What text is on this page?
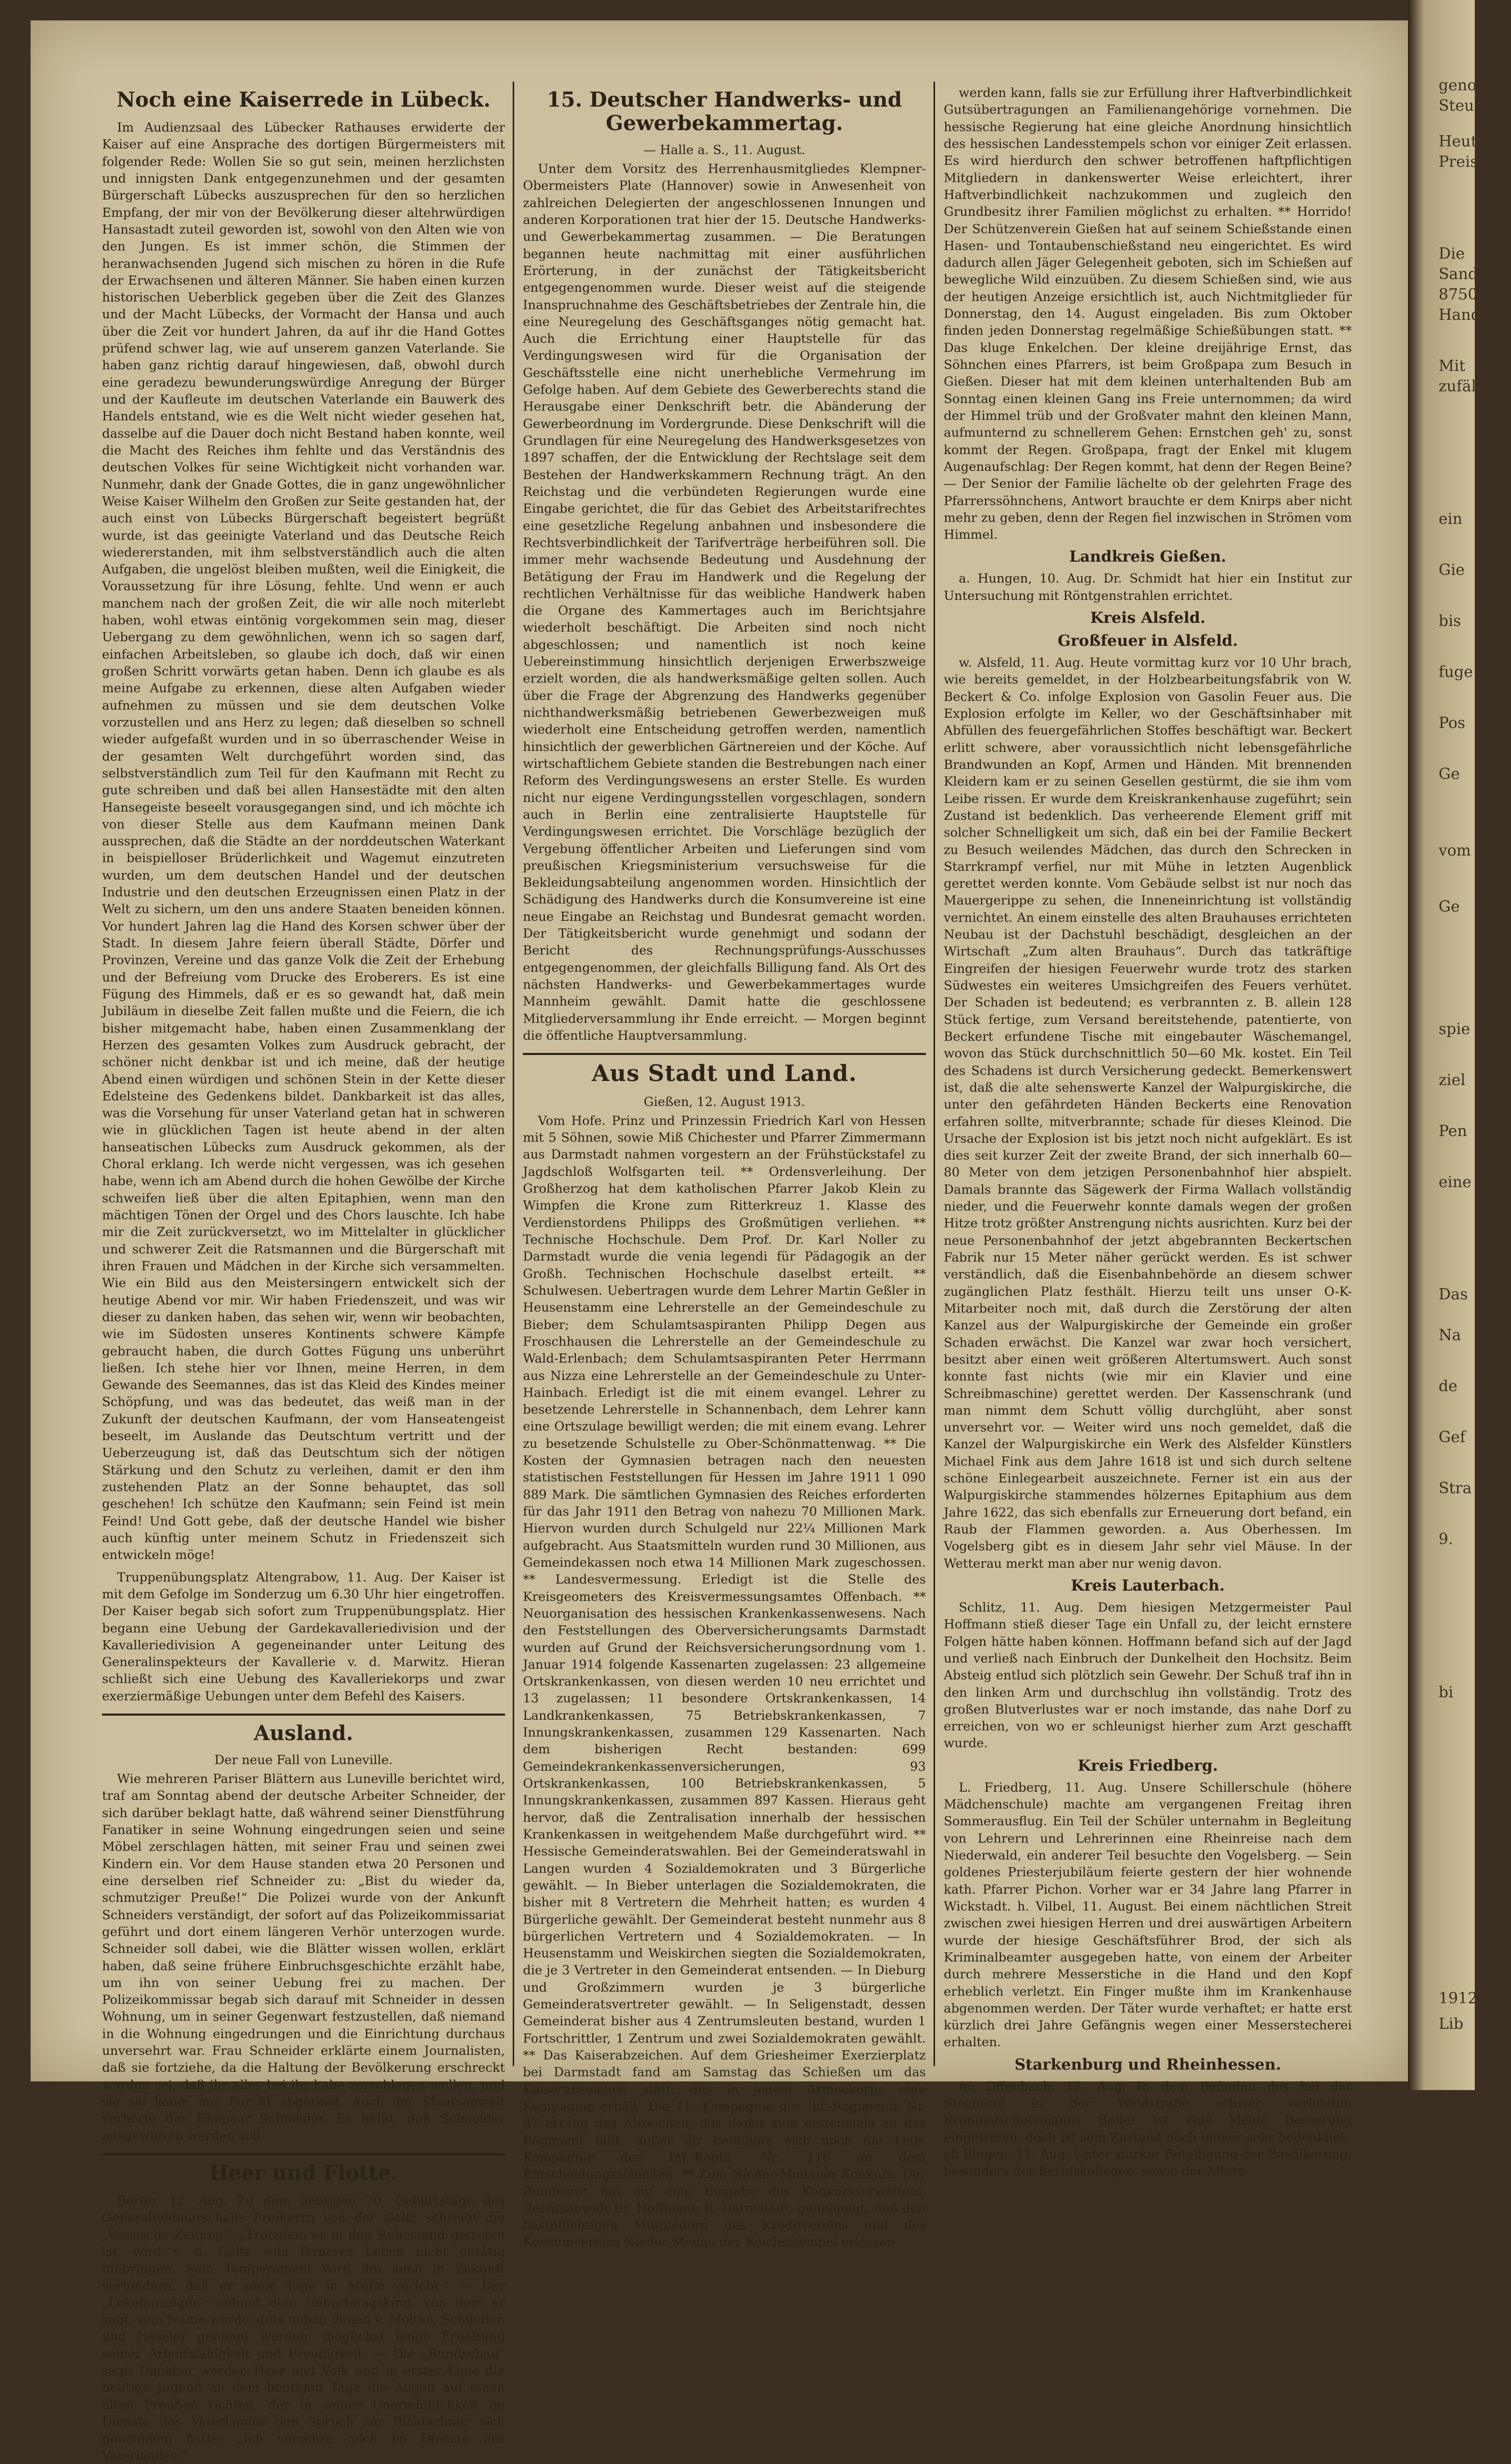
genossen
Steue
Heute
Preiseu
Die
Sand
8750
Hand
Mit
zufäl
ein
Gie
bis
fuge
Pos
Ge
vom
Ge
spie
ziel
Pen
eine
Das
Na
de
Gef
Stra
9.
bi
1912
Lib
Noch eine Kaiserrede in Lübeck.

Im Audienzsaal des Lübecker Rathauses erwiderte der Kaiser auf eine Ansprache des dortigen Bürgermeisters mit folgender Rede: Wollen Sie so gut sein, meinen herzlichsten und innigsten Dank entgegenzunehmen und der gesamten Bürgerschaft Lübecks auszusprechen für den so herzlichen Empfang, der mir von der Bevölkerung dieser altehrwürdigen Hansastadt zuteil geworden ist, sowohl von den Alten wie von den Jungen. Es ist immer schön, die Stimmen der heranwachsenden Jugend sich mischen zu hören in die Rufe der Erwachsenen und älteren Männer. Sie haben einen kurzen historischen Ueberblick gegeben über die Zeit des Glanzes und der Macht Lübecks, der Vormacht der Hansa und auch über die Zeit vor hundert Jahren, da auf ihr die Hand Gottes prüfend schwer lag, wie auf unserem ganzen Vaterlande. Sie haben ganz richtig darauf hingewiesen, daß, obwohl durch eine geradezu bewunderungswürdige Anregung der Bürger und der Kaufleute im deutschen Vaterlande ein Bauwerk des Handels entstand, wie es die Welt nicht wieder gesehen hat, dasselbe auf die Dauer doch nicht Bestand haben konnte, weil die Macht des Reiches ihm fehlte und das Verständnis des deutschen Volkes für seine Wichtigkeit nicht vorhanden war. Nunmehr, dank der Gnade Gottes, die in ganz ungewöhnlicher Weise Kaiser Wilhelm den Großen zur Seite gestanden hat, der auch einst von Lübecks Bürgerschaft begeistert begrüßt wurde, ist das geeinigte Vaterland und das Deutsche Reich wiedererstanden, mit ihm selbstverständlich auch die alten Aufgaben, die ungelöst bleiben mußten, weil die Einigkeit, die Voraussetzung für ihre Lösung, fehlte. Und wenn er auch manchem nach der großen Zeit, die wir alle noch miterlebt haben, wohl etwas eintönig vorgekommen sein mag, dieser Uebergang zu dem gewöhnlichen, wenn ich so sagen darf, einfachen Arbeitsleben, so glaube ich doch, daß wir einen großen Schritt vorwärts getan haben. Denn ich glaube es als meine Aufgabe zu erkennen, diese alten Aufgaben wieder aufnehmen zu müssen und sie dem deutschen Volke vorzustellen und ans Herz zu legen; daß dieselben so schnell wieder aufgefaßt wurden und in so überraschender Weise in der gesamten Welt durchgeführt worden sind, das selbstverständlich zum Teil für den Kaufmann mit Recht zu gute schreiben und daß bei allen Hansestädte mit den alten Hansegeiste beseelt vorausgegangen sind, und ich möchte ich von dieser Stelle aus dem Kaufmann meinen Dank aussprechen, daß die Städte an der norddeutschen Waterkant in beispielloser Brüderlichkeit und Wagemut einzutreten wurden, um dem deutschen Handel und der deutschen Industrie und den deutschen Erzeugnissen einen Platz in der Welt zu sichern, um den uns andere Staaten beneiden können. Vor hundert Jahren lag die Hand des Korsen schwer über der Stadt. In diesem Jahre feiern überall Städte, Dörfer und Provinzen, Vereine und das ganze Volk die Zeit der Erhebung und der Befreiung vom Drucke des Eroberers. Es ist eine Fügung des Himmels, daß er es so gewandt hat, daß mein Jubiläum in dieselbe Zeit fallen mußte und die Feiern, die ich bisher mitgemacht habe, haben einen Zusammenklang der Herzen des gesamten Volkes zum Ausdruck gebracht, der schöner nicht denkbar ist und ich meine, daß der heutige Abend einen würdigen und schönen Stein in der Kette dieser Edelsteine des Gedenkens bildet. Dankbarkeit ist das alles, was die Vorsehung für unser Vaterland getan hat in schweren wie in glücklichen Tagen ist heute abend in der alten hanseatischen Lübecks zum Ausdruck gekommen, als der Choral erklang. Ich werde nicht vergessen, was ich gesehen habe, wenn ich am Abend durch die hohen Gewölbe der Kirche schweifen ließ über die alten Epitaphien, wenn man den mächtigen Tönen der Orgel und des Chors lauschte. Ich habe mir die Zeit zurückversetzt, wo im Mittelalter in glücklicher und schwerer Zeit die Ratsmannen und die Bürgerschaft mit ihren Frauen und Mädchen in der Kirche sich versammelten. Wie ein Bild aus den Meistersingern entwickelt sich der heutige Abend vor mir. Wir haben Friedenszeit, und was wir dieser zu danken haben, das sehen wir, wenn wir beobachten, wie im Südosten unseres Kontinents schwere Kämpfe gebraucht haben, die durch Gottes Fügung uns unberührt ließen. Ich stehe hier vor Ihnen, meine Herren, in dem Gewande des Seemannes, das ist das Kleid des Kindes meiner Schöpfung, und was das bedeutet, das weiß man in der Zukunft der deutschen Kaufmann, der vom Hanseatengeist beseelt, im Auslande das Deutschtum vertritt und der Ueberzeugung ist, daß das Deutschtum sich der nötigen Stärkung und den Schutz zu verleihen, damit er den ihm zustehenden Platz an der Sonne behauptet, das soll geschehen! Ich schütze den Kaufmann; sein Feind ist mein Feind! Und Gott gebe, daß der deutsche Handel wie bisher auch künftig unter meinem Schutz in Friedenszeit sich entwickeln möge!

Truppenübungsplatz Altengrabow, 11. Aug. Der Kaiser ist mit dem Gefolge im Sonderzug um 6.30 Uhr hier eingetroffen. Der Kaiser begab sich sofort zum Truppenübungsplatz. Hier begann eine Uebung der Gardekavalleriedivision und der Kavalleriedivision A gegeneinander unter Leitung des Generalinspekteurs der Kavallerie v. d. Marwitz. Hieran schließt sich eine Uebung des Kavalleriekorps und zwar exerziermäßige Uebungen unter dem Befehl des Kaisers.

Ausland.
Der neue Fall von Luneville.

Wie mehreren Pariser Blättern aus Luneville berichtet wird, traf am Sonntag abend der deutsche Arbeiter Schneider, der sich darüber beklagt hatte, daß während seiner Dienstführung Fanatiker in seine Wohnung eingedrungen seien und seine Möbel zerschlagen hätten, mit seiner Frau und seinen zwei Kindern ein. Vor dem Hause standen etwa 20 Personen und eine derselben rief Schneider zu: „Bist du wieder da, schmutziger Preuße!“ Die Polizei wurde von der Ankunft Schneiders verständigt, der sofort auf das Polizeikommissariat geführt und dort einem längeren Verhör unterzogen wurde. Schneider soll dabei, wie die Blätter wissen wollen, erklärt haben, daß seine frühere Einbruchsgeschichte erzählt habe, um ihn von seiner Uebung frei zu machen. Der Polizeikommissar begab sich darauf mit Schneider in dessen Wohnung, um in seiner Gegenwart festzustellen, daß niemand in die Wohnung eingedrungen und die Einrichtung durchaus unversehrt war. Frau Schneider erklärte einem Journalisten, daß sie fortziehe, da die Haltung der Bevölkerung erschreckt worden sei, daß ihr alles bei ihr habe zerschlagen wollen, und sie sei kaum aus Furcht abgereist. Auch der Staatsanwalt verhörte das Ehepaar Schneider. Es heißt, daß Schneider ausgewiesen werden soll.

Heer und Flotte.

Berlin, 12. Aug. Zu dem heutigen 70. Geburtstage des Generalfeldmarschalls Freiherrn von der Goltz schreibt die „Vossische Zeitung“: „Trotzdem er in den Ruhestand getreten ist, wird v. d. Goltz sein ferneres Leben nicht untätig hinbringen. Sein Temperament wird ihn auch in Zukunft verhindern, daß er seine Tage in Muße verlebt.“ — Der „Lokalanzeiger“ widmet dem Geburtstagskind, von dem er sagt, sein Name werde stets neben denen v. Moltke, Schlieffen und Häseler genannt werden, möglichst lange Erhaltung seiner Arbeitsfähigkeit und Freudigkeit. — Die „Rundschau“ sagt: Dankbar werden Heer und Volk und in erster Linie die heutige Jugend an dem heutigen Tage die Augen auf einen alten Preußen richten, der in seiner Unermüdlichkeit im Dienste des Vaterlandes den Spruch zur Richtschnur sich genommen hatte: „Ich verzehre mich im Dienste des Vaterlandes.“

15. Deutscher Handwerks- und Gewerbekammertag.
— Halle a. S., 11. August.

Unter dem Vorsitz des Herrenhausmitgliedes Klempner-Obermeisters Plate (Hannover) sowie in Anwesenheit von zahlreichen Delegierten der angeschlossenen Innungen und anderen Korporationen trat hier der 15. Deutsche Handwerks- und Gewerbekammertag zusammen. — Die Beratungen begannen heute nachmittag mit einer ausführlichen Erörterung, in der zunächst der Tätigkeitsbericht entgegengenommen wurde. Dieser weist auf die steigende Inanspruchnahme des Geschäftsbetriebes der Zentrale hin, die eine Neuregelung des Geschäftsganges nötig gemacht hat. Auch die Errichtung einer Hauptstelle für das Verdingungswesen wird für die Organisation der Geschäftsstelle eine nicht unerhebliche Vermehrung im Gefolge haben. Auf dem Gebiete des Gewerberechts stand die Herausgabe einer Denkschrift betr. die Abänderung der Gewerbeordnung im Vordergrunde. Diese Denkschrift will die Grundlagen für eine Neuregelung des Handwerksgesetzes von 1897 schaffen, der die Entwicklung der Rechtslage seit dem Bestehen der Handwerkskammern Rechnung trägt. An den Reichstag und die verbündeten Regierungen wurde eine Eingabe gerichtet, die für das Gebiet des Arbeitstarifrechtes eine gesetzliche Regelung anbahnen und insbesondere die Rechtsverbindlichkeit der Tarifverträge herbeiführen soll. Die immer mehr wachsende Bedeutung und Ausdehnung der Betätigung der Frau im Handwerk und die Regelung der rechtlichen Verhältnisse für das weibliche Handwerk haben die Organe des Kammertages auch im Berichtsjahre wiederholt beschäftigt. Die Arbeiten sind noch nicht abgeschlossen; und namentlich ist noch keine Uebereinstimmung hinsichtlich derjenigen Erwerbszweige erzielt worden, die als handwerksmäßige gelten sollen. Auch über die Frage der Abgrenzung des Handwerks gegenüber nichthandwerksmäßig betriebenen Gewerbezweigen muß wiederholt eine Entscheidung getroffen werden, namentlich hinsichtlich der gewerblichen Gärtnereien und der Köche. Auf wirtschaftlichem Gebiete standen die Bestrebungen nach einer Reform des Verdingungswesens an erster Stelle. Es wurden nicht nur eigene Verdingungsstellen vorgeschlagen, sondern auch in Berlin eine zentralisierte Hauptstelle für Verdingungswesen errichtet. Die Vorschläge bezüglich der Vergebung öffentlicher Arbeiten und Lieferungen sind vom preußischen Kriegsministerium versuchsweise für die Bekleidungsabteilung angenommen worden. Hinsichtlich der Schädigung des Handwerks durch die Konsumvereine ist eine neue Eingabe an Reichstag und Bundesrat gemacht worden. Der Tätigkeitsbericht wurde genehmigt und sodann der Bericht des Rechnungsprüfungs-Ausschusses entgegengenommen, der gleichfalls Billigung fand. Als Ort des nächsten Handwerks- und Gewerbekammertages wurde Mannheim gewählt. Damit hatte die geschlossene Mitgliederversammlung ihr Ende erreicht. — Morgen beginnt die öffentliche Hauptversammlung.

Aus Stadt und Land.
Gießen, 12. August 1913.

Vom Hofe. Prinz und Prinzessin Friedrich Karl von Hessen mit 5 Söhnen, sowie Miß Chichester und Pfarrer Zimmermann aus Darmstadt nahmen vorgestern an der Frühstückstafel zu Jagdschloß Wolfsgarten teil. ** Ordensverleihung. Der Großherzog hat dem katholischen Pfarrer Jakob Klein zu Wimpfen die Krone zum Ritterkreuz 1. Klasse des Verdienstordens Philipps des Großmütigen verliehen. ** Technische Hochschule. Dem Prof. Dr. Karl Noller zu Darmstadt wurde die venia legendi für Pädagogik an der Großh. Technischen Hochschule daselbst erteilt. ** Schulwesen. Uebertragen wurde dem Lehrer Martin Geßler in Heusenstamm eine Lehrerstelle an der Gemeindeschule zu Bieber; dem Schulamtsaspiranten Philipp Degen aus Froschhausen die Lehrerstelle an der Gemeindeschule zu Wald-Erlenbach; dem Schulamtsaspiranten Peter Herrmann aus Nizza eine Lehrerstelle an der Gemeindeschule zu Unter-Hainbach. Erledigt ist die mit einem evangel. Lehrer zu besetzende Lehrerstelle in Schannenbach, dem Lehrer kann eine Ortszulage bewilligt werden; die mit einem evang. Lehrer zu besetzende Schulstelle zu Ober-Schönmattenwag. ** Die Kosten der Gymnasien betragen nach den neuesten statistischen Feststellungen für Hessen im Jahre 1911 1 090 889 Mark. Die sämtlichen Gymnasien des Reiches erforderten für das Jahr 1911 den Betrag von nahezu 70 Millionen Mark. Hiervon wurden durch Schulgeld nur 22¼ Millionen Mark aufgebracht. Aus Staatsmitteln wurden rund 30 Millionen, aus Gemeindekassen noch etwa 14 Millionen Mark zugeschossen. ** Landesvermessung. Erledigt ist die Stelle des Kreisgeometers des Kreisvermessungsamtes Offenbach. ** Neuorganisation des hessischen Krankenkassenwesens. Nach den Feststellungen des Oberversicherungsamts Darmstadt wurden auf Grund der Reichsversicherungsordnung vom 1. Januar 1914 folgende Kassenarten zugelassen: 23 allgemeine Ortskrankenkassen, von diesen werden 10 neu errichtet und 13 zugelassen; 11 besondere Ortskrankenkassen, 14 Landkrankenkassen, 75 Betriebskrankenkassen, 7 Innungskrankenkassen, zusammen 129 Kassenarten. Nach dem bisherigen Recht bestanden: 699 Gemeindekrankenkassenversicherungen, 93 Ortskrankenkassen, 100 Betriebskrankenkassen, 5 Innungskrankenkassen, zusammen 897 Kassen. Hieraus geht hervor, daß die Zentralisation innerhalb der hessischen Krankenkassen in weitgehendem Maße durchgeführt wird. ** Hessische Gemeinderatswahlen. Bei der Gemeinderatswahl in Langen wurden 4 Sozialdemokraten und 3 Bürgerliche gewählt. — In Bieber unterlagen die Sozialdemokraten, die bisher mit 8 Vertretern die Mehrheit hatten; es wurden 4 Bürgerliche gewählt. Der Gemeinderat besteht nunmehr aus 8 bürgerlichen Vertretern und 4 Sozialdemokraten. — In Heusenstamm und Weiskirchen siegten die Sozialdemokraten, die je 3 Vertreter in den Gemeinderat entsenden. — In Dieburg und Großzimmern wurden je 3 bürgerliche Gemeinderatsvertreter gewählt. — In Seligenstadt, dessen Gemeinderat bisher aus 4 Zentrumsleuten bestand, wurden 1 Fortschrittler, 1 Zentrum und zwei Sozialdemokraten gewählt. ** Das Kaiserabzeichen. Auf dem Griesheimer Exerzierplatz bei Darmstadt fand am Samstag das Schießen um das Kaiserabzeichen statt, das in jedem Armeekorps eine Kompagnie erhält. Die 11. Kompagnie des Inf.-Regiments Nr. 87 errang das Abzeichen, das damit zum erstenmale an das Regiment fällt; außer ihr beteiligte sich noch die Leib-Kompagnie des Inf.-Regts. Nr. 116 an dem Entscheidungsschießen. ** Zum Nieder-Modauer Konkurs. Der Bundesrat hat auf eine Eingabe des Konkursverwalters, Rechtsanwalt Dr. Hoffmann II.-Darmstadt, genehmigt, daß den hastpflichtigen Mitgliedern des Kreditvereins und des Konsumvereins Nieder-Modau der Reichsstempel erlassen

werden kann, falls sie zur Erfüllung ihrer Haftverbindlichkeit Gutsübertragungen an Familienangehörige vornehmen. Die hessische Regierung hat eine gleiche Anordnung hinsichtlich des hessischen Landesstempels schon vor einiger Zeit erlassen. Es wird hierdurch den schwer betroffenen haftpflichtigen Mitgliedern in dankenswerter Weise erleichtert, ihrer Haftverbindlichkeit nachzukommen und zugleich den Grundbesitz ihrer Familien möglichst zu erhalten. ** Horrido! Der Schützenverein Gießen hat auf seinem Schießstande einen Hasen- und Tontaubenschießstand neu eingerichtet. Es wird dadurch allen Jäger Gelegenheit geboten, sich im Schießen auf bewegliche Wild einzuüben. Zu diesem Schießen sind, wie aus der heutigen Anzeige ersichtlich ist, auch Nichtmitglieder für Donnerstag, den 14. August eingeladen. Bis zum Oktober finden jeden Donnerstag regelmäßige Schießübungen statt. ** Das kluge Enkelchen. Der kleine dreijährige Ernst, das Söhnchen eines Pfarrers, ist beim Großpapa zum Besuch in Gießen. Dieser hat mit dem kleinen unterhaltenden Bub am Sonntag einen kleinen Gang ins Freie unternommen; da wird der Himmel trüb und der Großvater mahnt den kleinen Mann, aufmunternd zu schnellerem Gehen: Ernstchen geh' zu, sonst kommt der Regen. Großpapa, fragt der Enkel mit klugem Augenaufschlag: Der Regen kommt, hat denn der Regen Beine? — Der Senior der Familie lächelte ob der gelehrten Frage des Pfarrerssöhnchens, Antwort brauchte er dem Knirps aber nicht mehr zu geben, denn der Regen fiel inzwischen in Strömen vom Himmel.

Landkreis Gießen.

a. Hungen, 10. Aug. Dr. Schmidt hat hier ein Institut zur Untersuchung mit Röntgenstrahlen errichtet.

Kreis Alsfeld.
Großfeuer in Alsfeld.

w. Alsfeld, 11. Aug. Heute vormittag kurz vor 10 Uhr brach, wie bereits gemeldet, in der Holzbearbeitungsfabrik von W. Beckert & Co. infolge Explosion von Gasolin Feuer aus. Die Explosion erfolgte im Keller, wo der Geschäftsinhaber mit Abfüllen des feuergefährlichen Stoffes beschäftigt war. Beckert erlitt schwere, aber voraussichtlich nicht lebensgefährliche Brandwunden an Kopf, Armen und Händen. Mit brennenden Kleidern kam er zu seinen Gesellen gestürmt, die sie ihm vom Leibe rissen. Er wurde dem Kreiskrankenhause zugeführt; sein Zustand ist bedenklich. Das verheerende Element griff mit solcher Schnelligkeit um sich, daß ein bei der Familie Beckert zu Besuch weilendes Mädchen, das durch den Schrecken in Starrkrampf verfiel, nur mit Mühe in letzten Augenblick gerettet werden konnte. Vom Gebäude selbst ist nur noch das Mauergerippe zu sehen, die Inneneinrichtung ist vollständig vernichtet. An einem einstelle des alten Brauhauses errichteten Neubau ist der Dachstuhl beschädigt, desgleichen an der Wirtschaft „Zum alten Brauhaus“. Durch das tatkräftige Eingreifen der hiesigen Feuerwehr wurde trotz des starken Südwestes ein weiteres Umsichgreifen des Feuers verhütet. Der Schaden ist bedeutend; es verbrannten z. B. allein 128 Stück fertige, zum Versand bereitstehende, patentierte, von Beckert erfundene Tische mit eingebauter Wäschemangel, wovon das Stück durchschnittlich 50—60 Mk. kostet. Ein Teil des Schadens ist durch Versicherung gedeckt. Bemerkenswert ist, daß die alte sehenswerte Kanzel der Walpurgiskirche, die unter den gefährdeten Händen Beckerts eine Renovation erfahren sollte, mitverbrannte; schade für dieses Kleinod. Die Ursache der Explosion ist bis jetzt noch nicht aufgeklärt. Es ist dies seit kurzer Zeit der zweite Brand, der sich innerhalb 60—80 Meter von dem jetzigen Personenbahnhof hier abspielt. Damals brannte das Sägewerk der Firma Wallach vollständig nieder, und die Feuerwehr konnte damals wegen der großen Hitze trotz größter Anstrengung nichts ausrichten. Kurz bei der neue Personenbahnhof der jetzt abgebrannten Beckertschen Fabrik nur 15 Meter näher gerückt werden. Es ist schwer verständlich, daß die Eisenbahnbehörde an diesem schwer zugänglichen Platz festhält. Hierzu teilt uns unser O-K-Mitarbeiter noch mit, daß durch die Zerstörung der alten Kanzel aus der Walpurgiskirche der Gemeinde ein großer Schaden erwächst. Die Kanzel war zwar hoch versichert, besitzt aber einen weit größeren Altertumswert. Auch sonst konnte fast nichts (wie mir ein Klavier und eine Schreibmaschine) gerettet werden. Der Kassenschrank (und man nimmt dem Schutt völlig durchglüht, aber sonst unversehrt vor. — Weiter wird uns noch gemeldet, daß die Kanzel der Walpurgiskirche ein Werk des Alsfelder Künstlers Michael Fink aus dem Jahre 1618 ist und sich durch seltene schöne Einlegearbeit auszeichnete. Ferner ist ein aus der Walpurgiskirche stammendes hölzernes Epitaphium aus dem Jahre 1622, das sich ebenfalls zur Erneuerung dort befand, ein Raub der Flammen geworden. a. Aus Oberhessen. Im Vogelsberg gibt es in diesem Jahr sehr viel Mäuse. In der Wetterau merkt man aber nur wenig davon.

Kreis Lauterbach.

Schlitz, 11. Aug. Dem hiesigen Metzgermeister Paul Hoffmann stieß dieser Tage ein Unfall zu, der leicht ernstere Folgen hätte haben können. Hoffmann befand sich auf der Jagd und verließ nach Einbruch der Dunkelheit den Hochsitz. Beim Absteig entlud sich plötzlich sein Gewehr. Der Schuß traf ihn in den linken Arm und durchschlug ihn vollständig. Trotz des großen Blutverlustes war er noch imstande, das nahe Dorf zu erreichen, von wo er schleunigst hierher zum Arzt geschafft wurde.

Kreis Friedberg.

L. Friedberg, 11. Aug. Unsere Schillerschule (höhere Mädchenschule) machte am vergangenen Freitag ihren Sommerausflug. Ein Teil der Schüler unternahm in Begleitung von Lehrern und Lehrerinnen eine Rheinreise nach dem Niederwald, ein anderer Teil besuchte den Vogelsberg. — Sein goldenes Priesterjubiläum feierte gestern der hier wohnende kath. Pfarrer Pichon. Vorher war er 34 Jahre lang Pfarrer in Wickstadt. h. Vilbel, 11. August. Bei einem nächtlichen Streit zwischen zwei hiesigen Herren und drei auswärtigen Arbeitern wurde der hiesige Geschäftsführer Brod, der sich als Kriminalbeamter ausgegeben hatte, von einem der Arbeiter durch mehrere Messerstiche in die Hand und den Kopf erheblich verletzt. Ein Finger mußte ihm im Krankenhause abgenommen werden. Der Täter wurde verhaftet; er hatte erst kürzlich drei Jahre Gefängnis wegen einer Messerstecherei erhalten.

Starkenburg und Rheinhessen.

m. Offenbach, 12. Aug. In dem Befinden des bei der Stecherei in der Waldstraße schwer verletzten Kriminalschutzmanns Boller ist eine kleine Besserung eingetreten, doch ist sein Zustand noch immer sehr bedenklich. ch Bingen, 11. Aug. Unter starker Beteiligung der Bevölkerung, besonders der Berufskollegen, sowie der Alters-
